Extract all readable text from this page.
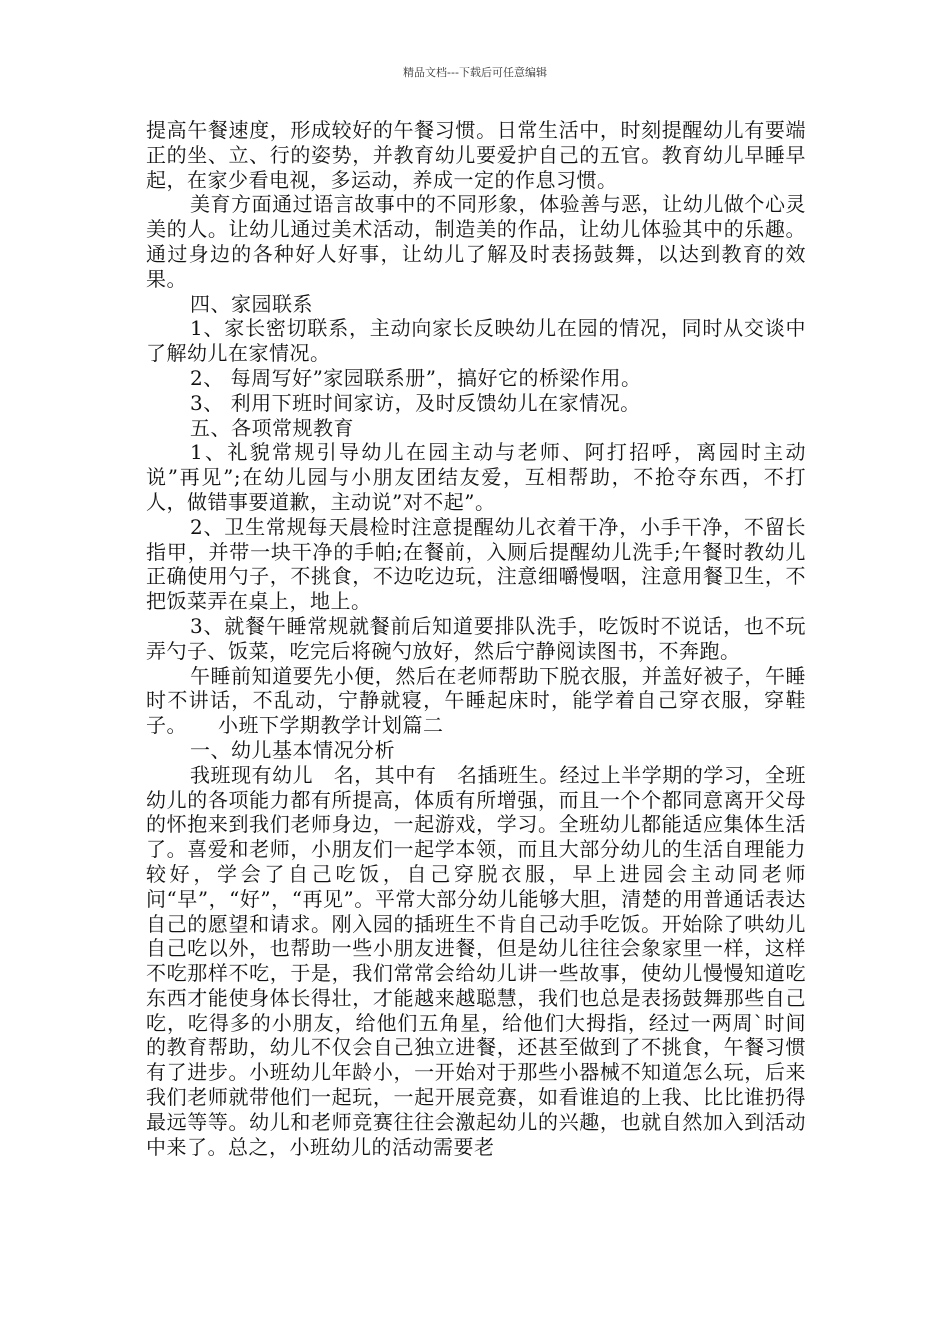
精品文档---下载后可任意编辑

提高午餐速度，形成较好的午餐习惯。日常生活中，时刻提醒幼儿有要端正的坐、立、行的姿势，并教育幼儿要爱护自己的五官。教育幼儿早睡早起，在家少看电视，多运动，养成一定的作息习惯。

美育方面通过语言故事中的不同形象，体验善与恶，让幼儿做个心灵美的人。让幼儿通过美术活动，制造美的作品，让幼儿体验其中的乐趣。通过身边的各种好人好事，让幼儿了解及时表扬鼓舞，以达到教育的效果。

四、家园联系

1、家长密切联系，主动向家长反映幼儿在园的情况，同时从交谈中了解幼儿在家情况。

2、 每周写好”家园联系册”，搞好它的桥梁作用。

3、 利用下班时间家访，及时反馈幼儿在家情况。

五、各项常规教育

1、礼貌常规引导幼儿在园主动与老师、阿打招呼，离园时主动说”再见”;在幼儿园与小朋友团结友爱，互相帮助，不抢夺东西，不打人，做错事要道歉，主动说”对不起”。

2、卫生常规每天晨检时注意提醒幼儿衣着干净，小手干净，不留长指甲，并带一块干净的手帕;在餐前，入厕后提醒幼儿洗手;午餐时教幼儿正确使用勺子，不挑食，不边吃边玩，注意细嚼慢咽，注意用餐卫生，不把饭菜弄在桌上，地上。

3、就餐午睡常规就餐前后知道要排队洗手，吃饭时不说话，也不玩弄勺子、饭菜，吃完后将碗勺放好，然后宁静阅读图书，不奔跑。

午睡前知道要先小便，然后在老师帮助下脱衣服，并盖好被子，午睡时不讲话，不乱动，宁静就寝，午睡起床时，能学着自己穿衣服，穿鞋子。　　小班下学期教学计划篇二

一、幼儿基本情况分析

我班现有幼儿　名，其中有　名插班生。经过上半学期的学习，全班幼儿的各项能力都有所提高，体质有所增强，而且一个个都同意离开父母的怀抱来到我们老师身边，一起游戏，学习。全班幼儿都能适应集体生活了。喜爱和老师，小朋友们一起学本领，而且大部分幼儿的生活自理能力较好，学会了自己吃饭，自己穿脱衣服，早上进园会主动同老师问“早”，“好”，“再见”。平常大部分幼儿能够大胆，清楚的用普通话表达自己的愿望和请求。刚入园的插班生不肯自己动手吃饭。开始除了哄幼儿自己吃以外，也帮助一些小朋友进餐，但是幼儿往往会象家里一样，这样不吃那样不吃，于是，我们常常会给幼儿讲一些故事，使幼儿慢慢知道吃东西才能使身体长得壮，才能越来越聪慧，我们也总是表扬鼓舞那些自己吃，吃得多的小朋友，给他们五角星，给他们大拇指，经过一两周`时间的教育帮助，幼儿不仅会自己独立进餐，还甚至做到了不挑食，午餐习惯有了进步。小班幼儿年龄小，一开始对于那些小器械不知道怎么玩，后来我们老师就带他们一起玩，一起开展竞赛，如看谁追的上我、比比谁扔得最远等等。幼儿和老师竞赛往往会激起幼儿的兴趣，也就自然加入到活动中来了。总之，小班幼儿的活动需要老
